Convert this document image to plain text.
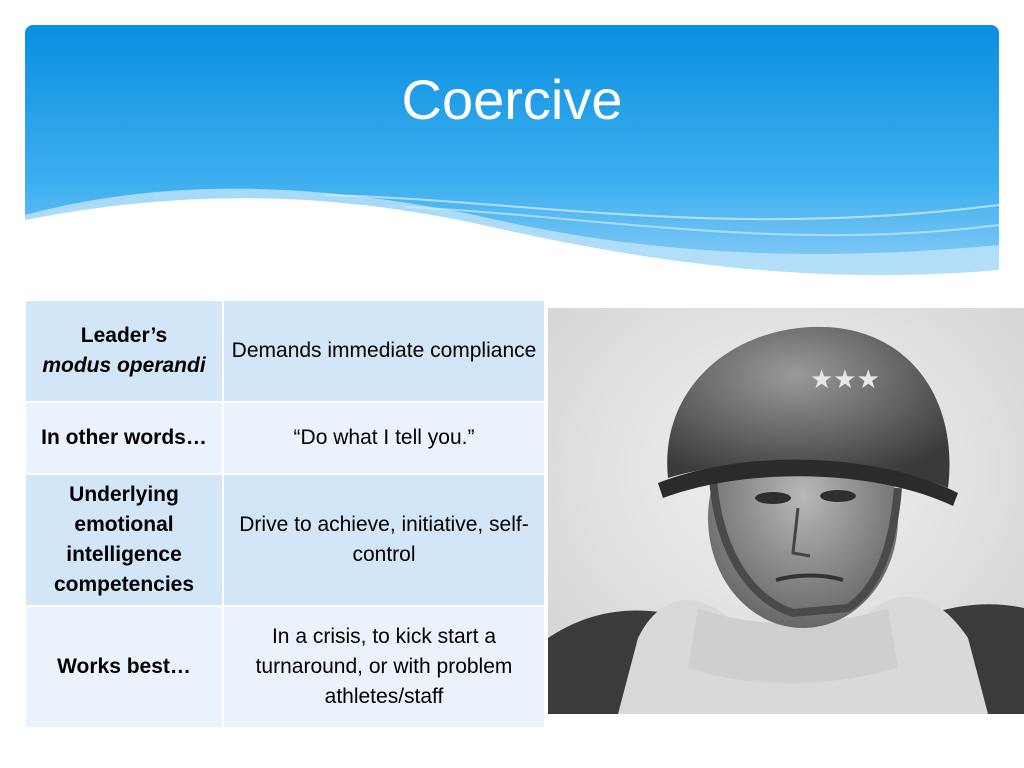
Coercive
Leader’s
modus operandi	Demands immediate compliance
In other words…	“Do what I tell you.”
Underlying emotional intelligence competencies	Drive to achieve, initiative, self-control
Works best…	In a crisis, to kick start a turnaround, or with problem athletes/staff
★★★
